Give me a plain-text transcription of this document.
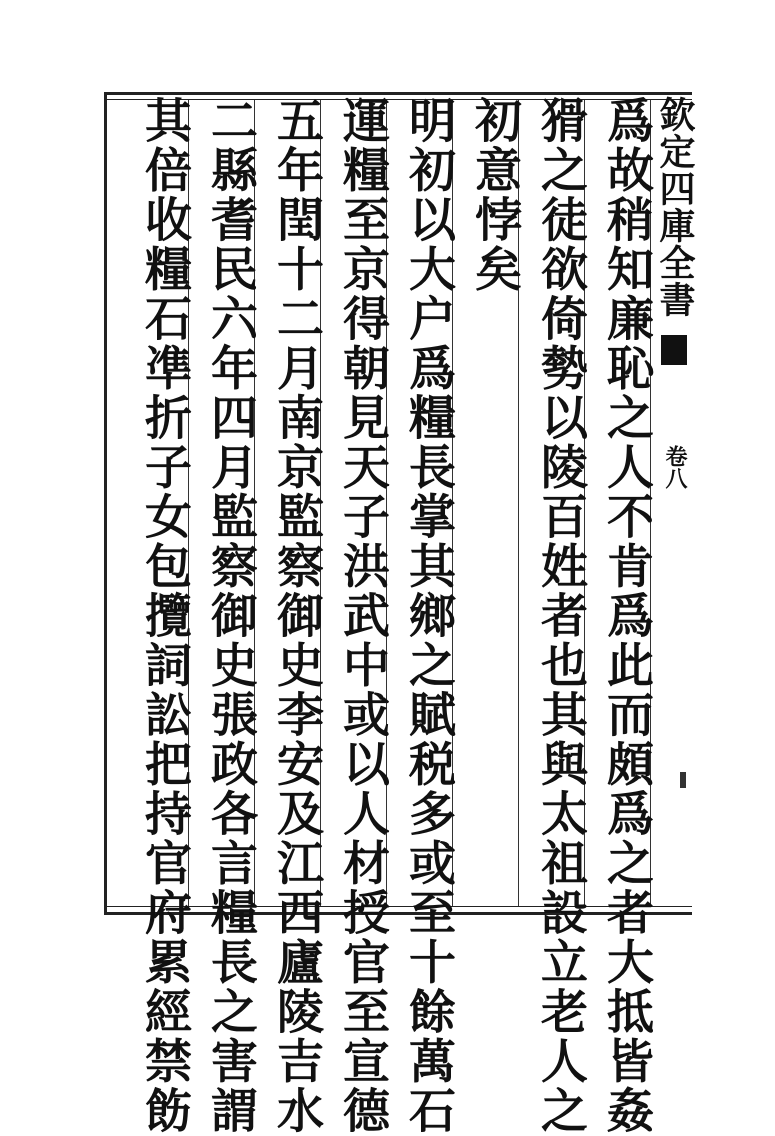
爲故稍知廉恥之人不肯爲此而頗爲之者大抵皆姦
猾之徒欲倚勢以陵百姓者也其與太祖設立老人之
初意悖矣
明初以大户爲糧長掌其鄉之賦税多或至十餘萬石
運糧至京得朝見天子洪武中或以人材授官至宣德
五年閏十二月南京監察御史李安及江西廬陵吉水
二縣耆民六年四月監察御史張政各言糧長之害謂
其倍收糧石凖折子女包攬詞訟把持官府累經禁飭	欽定四庫全書
卷八
